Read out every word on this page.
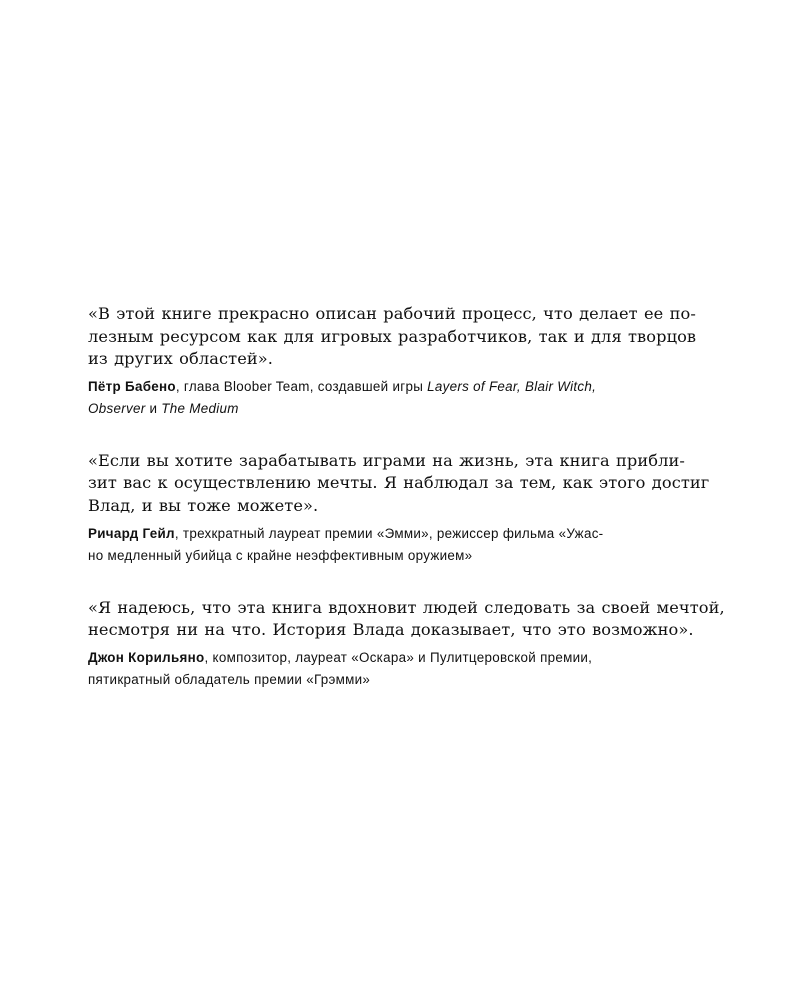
«В этой книге прекрасно описан рабочий процесс, что делает ее по-
лезным ресурсом как для игровых разработчиков, так и для творцов
из других областей».

Пётр Бабено, глава Bloober Team, создавшей игры Layers of Fear, Blair Witch,
Observer и The Medium

«Если вы хотите зарабатывать играми на жизнь, эта книга прибли-
зит вас к осуществлению мечты. Я наблюдал за тем, как этого достиг
Влад, и вы тоже можете».

Ричард Гейл, трехкратный лауреат премии «Эмми», режиссер фильма «Ужас-
но медленный убийца с крайне неэффективным оружием»

«Я надеюсь, что эта книга вдохновит людей следовать за своей мечтой,
несмотря ни на что. История Влада доказывает, что это возможно».

Джон Корильяно, композитор, лауреат «Оскара» и Пулитцеровской премии,
пятикратный обладатель премии «Грэмми»
